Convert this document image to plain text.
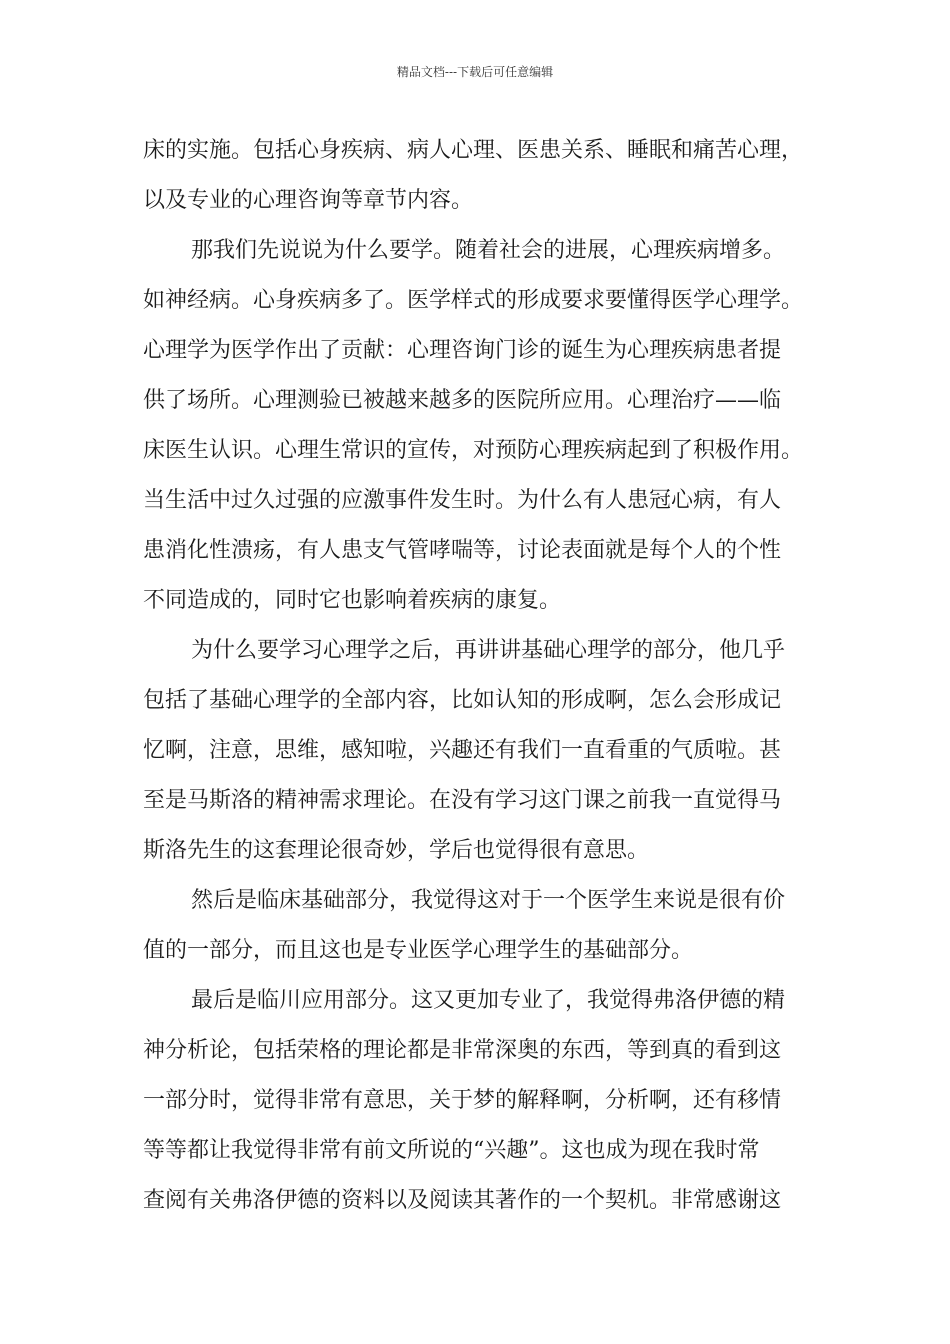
精品文档---下载后可任意编辑
床的实施。包括心身疾病、病人心理、医患关系、睡眠和痛苦心理，
以及专业的心理咨询等章节内容。
那我们先说说为什么要学。随着社会的进展，心理疾病增多。
如神经病。心身疾病多了。医学样式的形成要求要懂得医学心理学。
心理学为医学作出了贡献：心理咨询门诊的诞生为心理疾病患者提
供了场所。心理测验已被越来越多的医院所应用。心理治疗——临
床医生认识。心理生常识的宣传，对预防心理疾病起到了积极作用。
当生活中过久过强的应激事件发生时。为什么有人患冠心病，有人
患消化性溃疡，有人患支气管哮喘等，讨论表面就是每个人的个性
不同造成的，同时它也影响着疾病的康复。
为什么要学习心理学之后，再讲讲基础心理学的部分，他几乎
包括了基础心理学的全部内容，比如认知的形成啊，怎么会形成记
忆啊，注意，思维，感知啦，兴趣还有我们一直看重的气质啦。甚
至是马斯洛的精神需求理论。在没有学习这门课之前我一直觉得马
斯洛先生的这套理论很奇妙，学后也觉得很有意思。
然后是临床基础部分，我觉得这对于一个医学生来说是很有价
值的一部分，而且这也是专业医学心理学生的基础部分。
最后是临川应用部分。这又更加专业了，我觉得弗洛伊德的精
神分析论，包括荣格的理论都是非常深奥的东西，等到真的看到这
一部分时，觉得非常有意思，关于梦的解释啊，分析啊，还有移情
等等都让我觉得非常有前文所说的“兴趣”。这也成为现在我时常
查阅有关弗洛伊德的资料以及阅读其著作的一个契机。非常感谢这
